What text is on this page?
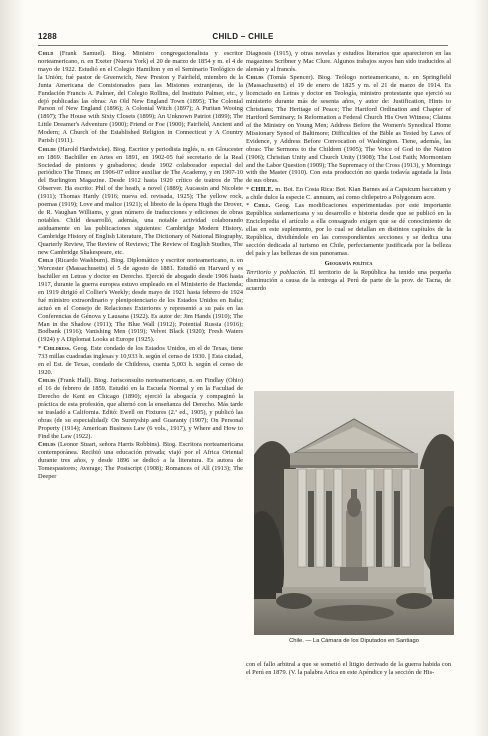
1288	CHILD – CHILE

Child (Frank Samuel). Biog. Ministro congregacionalista y escritor norteamericano, n. en Exeter (Nueva York) el 20 de marzo de 1854 y m. el 4 de mayo de 1922. Estudió en el Colegio Hamilton y en el Seminario Teológico de la Unión; fué pastor de Greenwich, New Preston y Fairfield, miembro de la Junta Americana de Comisionados para las Misiones extranjeras, de la Fundación Francis A. Palmer, del Colegio Rollins, del Instituto Palmer, etc., y dejó publicadas las obras: An Old New England Town (1895); The Colonial Parson of New England (1896); A Colonial Witch (1897); A Puritan Wooing (1897); The House with Sixty Closets (1899); An Unknown Patriot (1899); The Little Dreamer's Adventure (1900); Friend or Foe (1900); Fairfield, Ancient and Modern; A Church of the Established Religion in Connecticut y A Country Parish (1911).

Childe (Harold Hardwicke). Biog. Escritor y periodista inglés, n. en Gloucester en 1869. Bachiller en Artes en 1891, en 1902-05 fué secretario de la Real Sociedad de pintores y grabadores; desde 1902 colaborador especial del periódico The Times; en 1906-07 editor auxiliar de The Academy, y en 1907-10 del Burlington Magazine. Desde 1912 hasta 1920 crítico de teatros de The Observer. Ha escrito: Phil of the heath, a novel (1889); Aucassin and Nicolete (1911); Thomas Hardy (1916; nueva ed. revisada, 1925); The yellow rock, poemas (1919); Love and malice (1921); el libreto de la ópera Hugh the Drover, de R. Vaughan Williams, y gran número de traducciones y ediciones de obras notables. Child desarrolló, además, una notable actividad colaborando asiduamente en las publicaciones siguientes: Cambridge Modern History, Cambridge History of English Literature, The Dictionary of National Biography, Quarterly Review, The Review of Reviews; The Review of English Studies, The new Cambridge Shakespeare, etc.

Child (Ricardo Washburn). Biog. Diplomático y escritor norteamericano, n. en Worcester (Massachusetts) el 5 de agosto de 1881. Estudió en Harvard y es bachiller en Letras y doctor en Derecho. Ejerció de abogado desde 1906 hasta 1917, durante la guerra europea estuvo empleado en el Ministerio de Hacienda; en 1919 dirigió el Collier's Weekly; desde mayo de 1921 hasta febrero de 1924 fué ministro extraordinario y plenipotenciario de los Estados Unidos en Italia; actuó en el Consejo de Relaciones Exteriores y representó a su país en las Conferencias de Génova y Lausana (1922). Es autor de: Jim Hands (1910); The Man in the Shadow (1911); The Blue Wall (1912); Potential Russia (1916); Bodbank (1916); Vanishing Men (1919); Velvet Black (1920); Fresh Waters (1924) y A Diplomat Looks at Europe (1925).

* Childress. Geog. Este condado de los Estados Unidos, en el de Texas, tiene 733 millas cuadradas inglesas y 10,933 h. según el censo de 1930. || Esta ciudad, en el Est. de Texas, condado de Childress, cuenta 5,003 h. según el censo de 1920.

Childs (Frank Hall). Biog. Jurisconsulto norteamericano, n. en Findlay (Ohio) el 16 de febrero de 1859. Estudió en la Escuela Normal y en la Facultad de Derecho de Kent en Chicago (1890); ejerció la abogacía y compaginó la práctica de esta profesión, que alternó con la enseñanza del Derecho. Más tarde se trasladó a California. Editó: Ewell on Fixtures (2.ª ed., 1905), y publicó las obras (de su especialidad): On Suretyship and Guaranty (1907); On Personal Property (1914); American Business Law (6 vols., 1917), y Where and How to Find the Law (1922).

Childs (Leonor Stuart, señora Harris Robbins). Biog. Escritora norteamericana contemporánea. Recibió una educación privada; viajó por el Africa Oriental durante tres años, y desde 1896 se dedicó a la literatura. Es autora de Tomespastores; Average; The Postscript (1908); Romances of All (1913); The Deeper

Diagnosis (1915), y otras novelas y estudios literarios que aparecieron en las magazines Scribner y Mac Clure. Algunos trabajos suyos han sido traducidos al alemán y al francés.

Childs (Tomás Spencer). Biog. Teólogo norteamericano, n. en Springfield (Massachusetts) el 19 de enero de 1825 y m. el 21 de marzo de 1914. Es licenciado en Letras y doctor en Teología, ministro protestante que ejerció su ministerio durante más de sesenta años, y autor de: Justification, Hints to Christians; The Heritage of Peace; The Hartford Ordination and Chapter of Hartford Seminary; Is Reformation a Federal Church His Own Witness; Claims of the Ministry on Young Men; Address Before the Women's Synodical Home Missionary Synod of Baltimore; Difficulties of the Bible as Tested by Laws of Evidence, y Address Before Convocation of Washington. Tiene, además, las obras: The Sermons to the Children (1905); The Voice of God to the Nation (1906); Christian Unity and Church Unity (1908); The Lost Faith; Mormonism and the Labor Question (1909); The Supremacy of the Cross (1913), y Mornings with the Master (1910). Con esta producción no queda todavía agotada la lista de sus obras.

* CHILE. m. Bot. En Costa Rica: Bot. Kian Barnes así a Capsicum baccatum y a chile dulce la especie C. annuum, así como chilepetro a Polygonum acre.

* Chile. Geog. Las modificaciones experimentadas por este importante República sudamericana y su desarrollo e historia desde que se publicó en la Enciclopedia el artículo a ella consagrado exigen que se dé conocimiento de ellas en este suplemento, por lo cual se detallan en distintos capítulos de la República, dividiéndole en las correspondientes secciones y se dedica una sección dedicada al turismo en Chile, perfectamente justificada por la belleza del país y las bellezas de sus panoramas.

Geografía política

Territorio y población. El territorio de la República ha tenido una pequeña disminución a causa de la entrega al Perú de parte de la prov. de Tacna, de acuerdo

Chile. — La Cámara de los Diputados en Santiago

con el fallo arbitral a que se sometió el litigio derivado de la guerra habida con el Perú en 1879. (V. la palabra Arica en este Apéndice y la sección de His-
